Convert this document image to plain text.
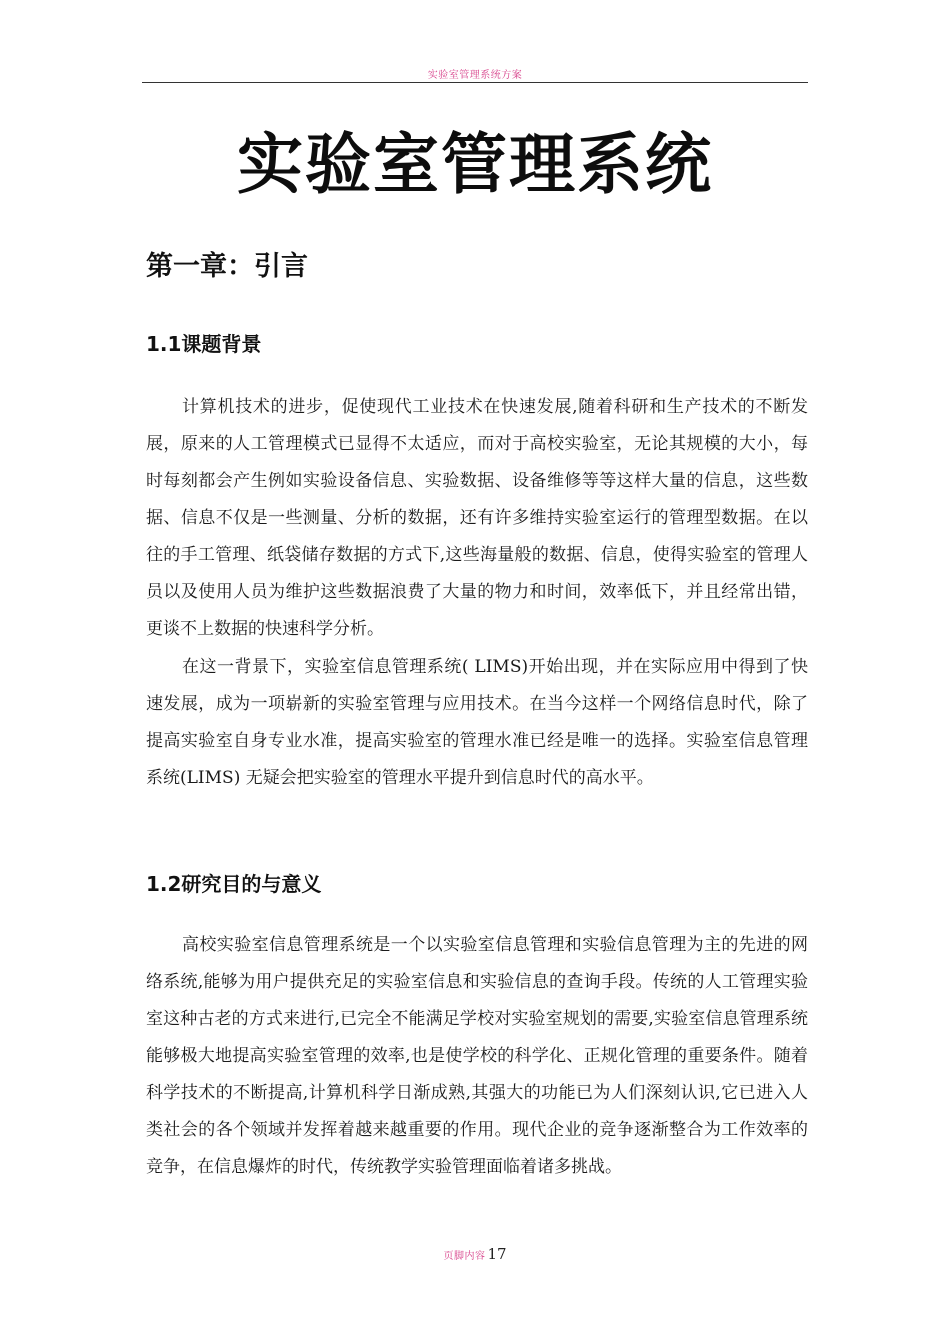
实验室管理系统方案
实验室管理系统
第一章：引言
1.1课题背景

计算机技术的进步，促使现代工业技术在快速发展,随着科研和生产技术的不断发展，原来的人工管理模式已显得不太适应，而对于高校实验室，无论其规模的大小，每时每刻都会产生例如实验设备信息、实验数据、设备维修等等这样大量的信息，这些数据、信息不仅是一些测量、分析的数据，还有许多维持实验室运行的管理型数据。在以往的手工管理、纸袋储存数据的方式下,这些海量般的数据、信息，使得实验室的管理人员以及使用人员为维护这些数据浪费了大量的物力和时间，效率低下，并且经常出错，更谈不上数据的快速科学分析。

在这一背景下，实验室信息管理系统( LIMS)开始出现，并在实际应用中得到了快速发展，成为一项崭新的实验室管理与应用技术。在当今这样一个网络信息时代，除了提高实验室自身专业水准，提高实验室的管理水准已经是唯一的选择。实验室信息管理系统(LIMS) 无疑会把实验室的管理水平提升到信息时代的高水平。

1.2研究目的与意义

高校实验室信息管理系统是一个以实验室信息管理和实验信息管理为主的先进的网络系统,能够为用户提供充足的实验室信息和实验信息的查询手段。传统的人工管理实验室这种古老的方式来进行,已完全不能满足学校对实验室规划的需要,实验室信息管理系统能够极大地提高实验室管理的效率,也是使学校的科学化、正规化管理的重要条件。随着科学技术的不断提高,计算机科学日渐成熟,其强大的功能已为人们深刻认识,它已进入人类社会的各个领域并发挥着越来越重要的作用。现代企业的竞争逐渐整合为工作效率的竞争，在信息爆炸的时代，传统教学实验管理面临着诸多挑战。

页脚内容 17
